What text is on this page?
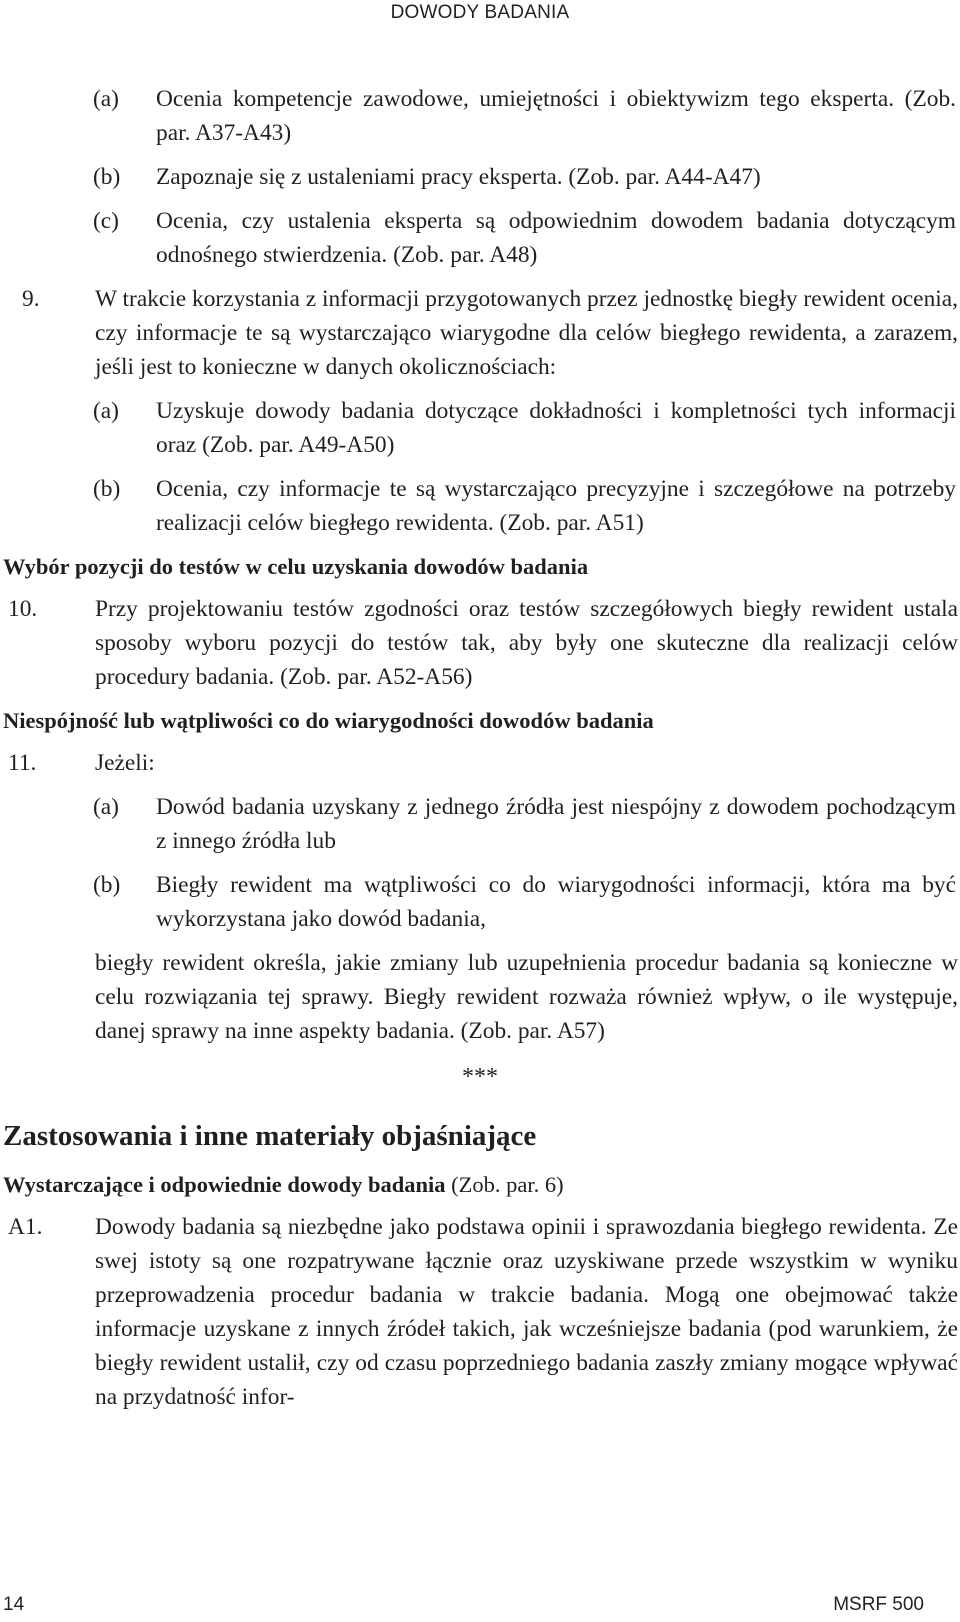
DOWODY BADANIA
(a) Ocenia kompetencje zawodowe, umiejętności i obiektywizm tego eksperta. (Zob. par. A37-A43)
(b) Zapoznaje się z ustaleniami pracy eksperta. (Zob. par. A44-A47)
(c) Ocenia, czy ustalenia eksperta są odpowiednim dowodem badania dotyczącym odnośnego stwierdzenia. (Zob. par. A48)
9. W trakcie korzystania z informacji przygotowanych przez jednostkę biegły rewident ocenia, czy informacje te są wystarczająco wiarygodne dla celów biegłego rewidenta, a zarazem, jeśli jest to konieczne w danych okolicznościach:
(a) Uzyskuje dowody badania dotyczące dokładności i kompletności tych informacji oraz (Zob. par. A49-A50)
(b) Ocenia, czy informacje te są wystarczająco precyzyjne i szczegółowe na potrzeby realizacji celów biegłego rewidenta. (Zob. par. A51)
Wybór pozycji do testów w celu uzyskania dowodów badania
10. Przy projektowaniu testów zgodności oraz testów szczegółowych biegły rewident ustala sposoby wyboru pozycji do testów tak, aby były one skuteczne dla realizacji celów procedury badania. (Zob. par. A52-A56)
Niespójność lub wątpliwości co do wiarygodności dowodów badania
11.	Jeżeli:
(a) Dowód badania uzyskany z jednego źródła jest niespójny z dowodem pochodzącym z innego źródła lub
(b) Biegły rewident ma wątpliwości co do wiarygodności informacji, która ma być wykorzystana jako dowód badania,
biegły rewident określa, jakie zmiany lub uzupełnienia procedur badania są konieczne w celu rozwiązania tej sprawy. Biegły rewident rozważa również wpływ, o ile występuje, danej sprawy na inne aspekty badania. (Zob. par. A57)
***
Zastosowania i inne materiały objaśniające
Wystarczające i odpowiednie dowody badania (Zob. par. 6)
A1. Dowody badania są niezbędne jako podstawa opinii i sprawozdania biegłego rewidenta. Ze swej istoty są one rozpatrywane łącznie oraz uzyskiwane przede wszystkim w wyniku przeprowadzenia procedur badania w trakcie badania. Mogą one obejmować także informacje uzyskane z innych źródeł takich, jak wcześniejsze badania (pod warunkiem, że biegły rewident ustalił, czy od czasu poprzedniego badania zaszły zmiany mogące wpływać na przydatność infor-
14	MSRF 500
